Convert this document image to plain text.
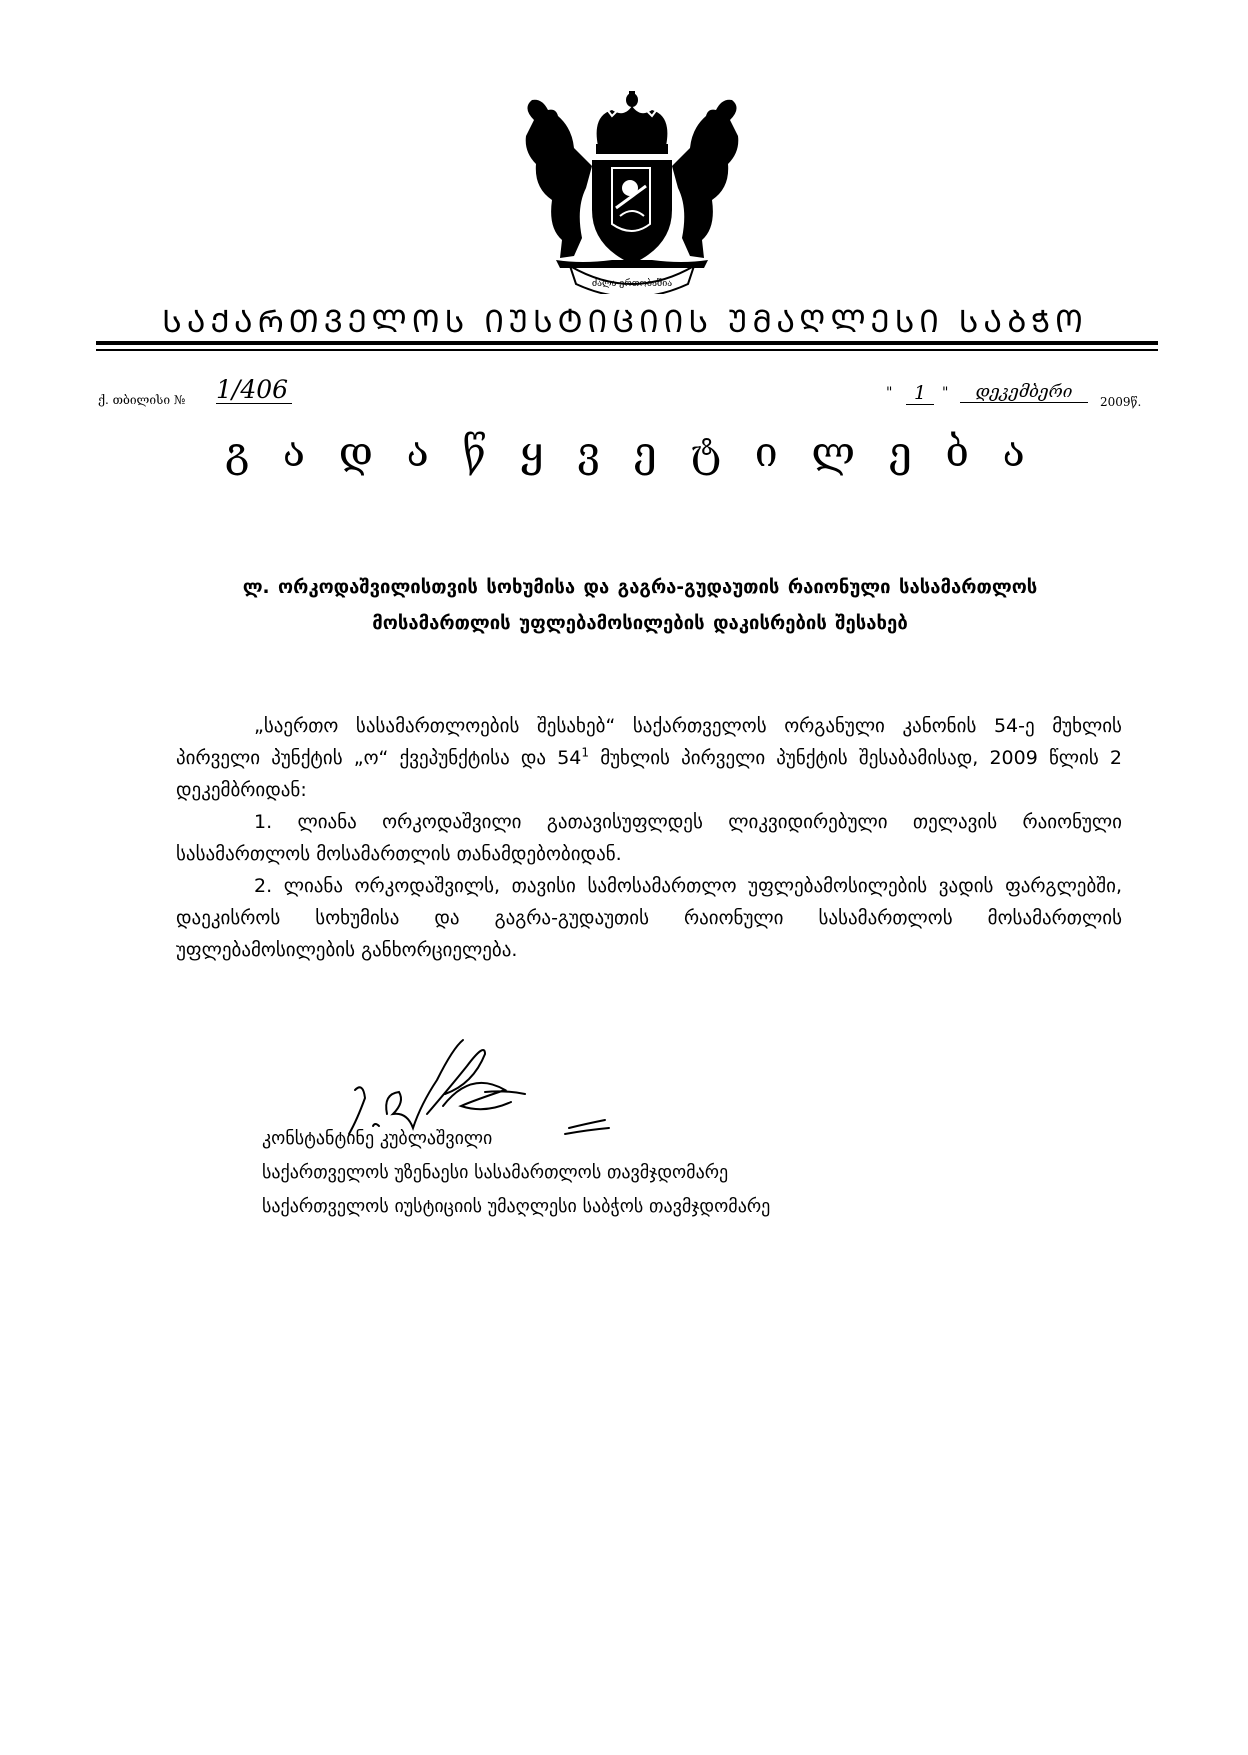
ძალა ერთობაშია
ᲡᲐᲥᲐᲠᲗᲕᲔᲚᲝᲡ ᲘᲣᲡᲢᲘᲪᲘᲘᲡ ᲣᲛᲐᲦᲚᲔᲡᲘ ᲡᲐᲑᲭᲝ
ქ. თბილისი № 1/406	"	1	"	დეკემბერი	2009წ.
გ ა დ ა წ ყ ვ ე ტ ი ლ ე ბ ა
ლ. ორკოდაშვილისთვის სოხუმისა და გაგრა-გუდაუთის რაიონული სასამართლოს
მოსამართლის უფლებამოსილების დაკისრების შესახებ

„საერთო სასამართლოების შესახებ“ საქართველოს ორგანული კანონის 54-ე მუხლის პირველი პუნქტის „ო“ ქვეპუნქტისა და $54^1$ მუხლის პირველი პუნქტის შესაბამისად, 2009 წლის 2 დეკემბრიდან:

1. ლიანა ორკოდაშვილი გათავისუფლდეს ლიკვიდირებული თელავის რაიონული სასამართლოს მოსამართლის თანამდებობიდან.

2. ლიანა ორკოდაშვილს, თავისი სამოსამართლო უფლებამოსილების ვადის ფარგლებში, დაეკისროს სოხუმისა და გაგრა-გუდაუთის რაიონული სასამართლოს მოსამართლის უფლებამოსილების განხორციელება.

კონსტანტინე კუბლაშვილი
საქართველოს უზენაესი სასამართლოს თავმჯდომარე
საქართველოს იუსტიციის უმაღლესი საბჭოს თავმჯდომარე
